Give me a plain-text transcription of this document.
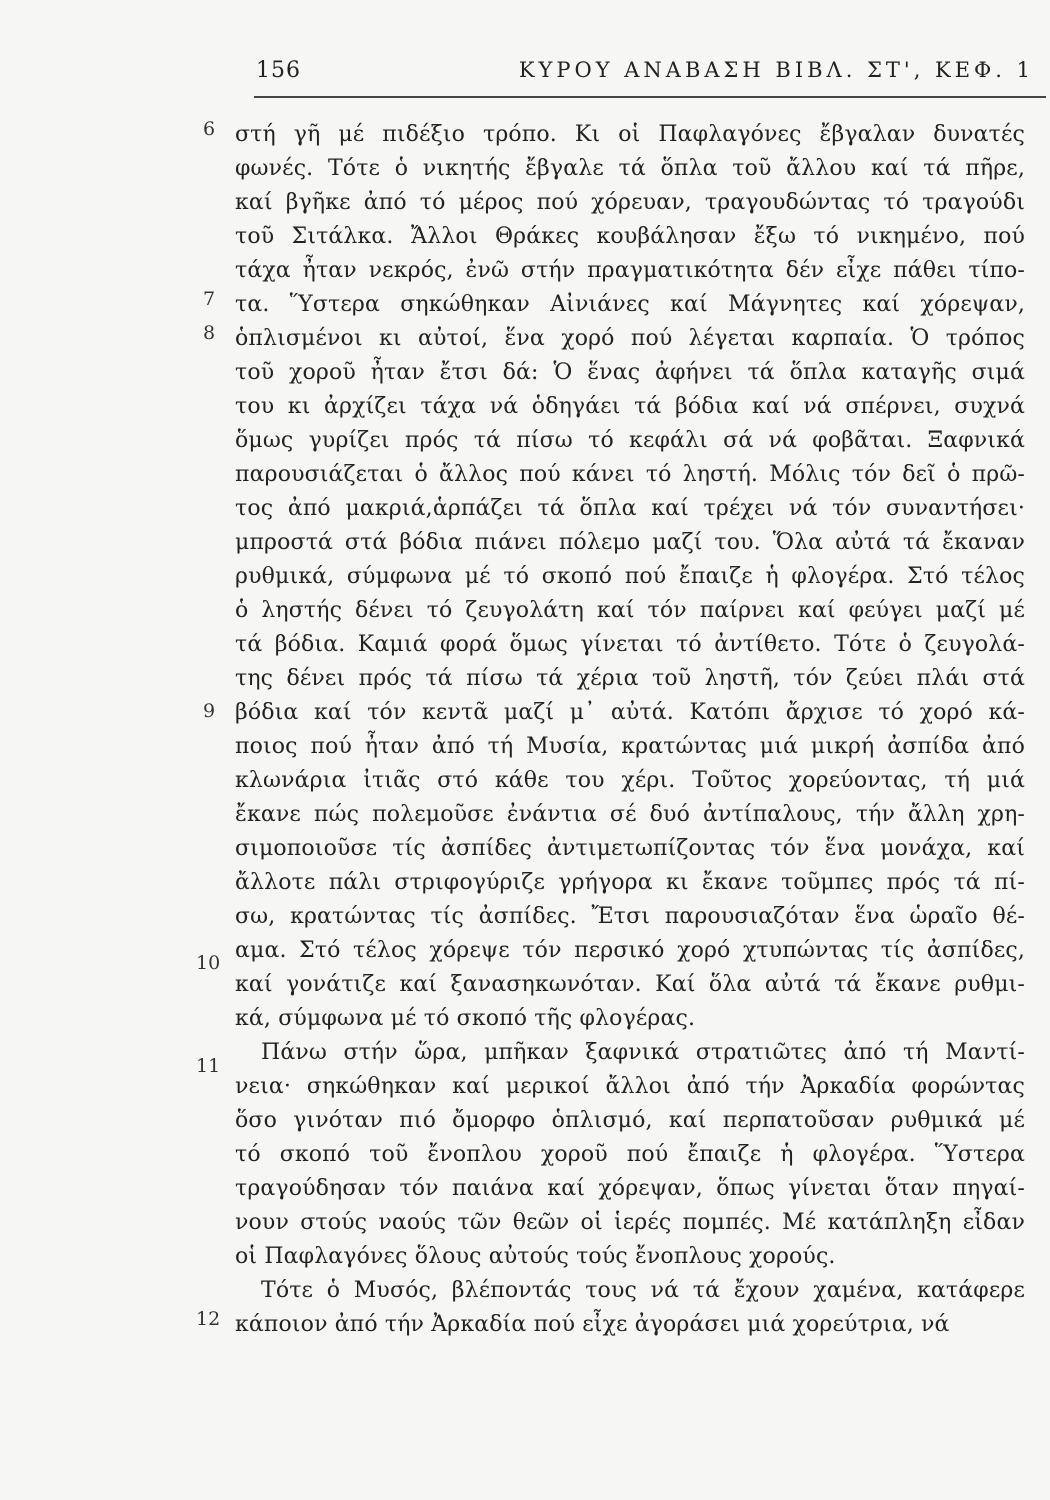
156	ΚΥΡΟΥ ΑΝΑΒΑΣΗ ΒΙΒΛ. ΣΤ', ΚΕΦ. 1
6
7
8
9
10
11
12
στή γῆ μέ πιδέξιο τρόπο. Κι οἱ Παφλαγόνες ἔβγαλαν δυνατές
φωνές. Τότε ὁ νικητής ἔβγαλε τά ὅπλα τοῦ ἄλλου καί τά πῆρε,
καί βγῆκε ἀπό τό μέρος πού χόρευαν, τραγουδώντας τό τραγούδι
τοῦ Σιτάλκα. Ἄλλοι Θράκες κουβάλησαν ἔξω τό νικημένο, πού
τάχα ἦταν νεκρός, ἐνῶ στήν πραγματικότητα δέν εἶχε πάθει τίπο-
τα. Ὕστερα σηκώθηκαν Αἰνιάνες καί Μάγνητες καί χόρεψαν,
ὁπλισμένοι κι αὐτοί, ἕνα χορό πού λέγεται καρπαία. Ὁ τρόπος
τοῦ χοροῦ ἦταν ἔτσι δά: Ὁ ἕνας ἀφήνει τά ὅπλα καταγῆς σιμά
του κι ἀρχίζει τάχα νά ὁδηγάει τά βόδια καί νά σπέρνει, συχνά
ὅμως γυρίζει πρός τά πίσω τό κεφάλι σά νά φοβᾶται. Ξαφνικά
παρουσιάζεται ὁ ἄλλος πού κάνει τό ληστή. Μόλις τόν δεῖ ὁ πρῶ-
τος ἀπό μακριά,ἁρπάζει τά ὅπλα καί τρέχει νά τόν συναντήσει·
μπροστά στά βόδια πιάνει πόλεμο μαζί του. Ὅλα αὐτά τά ἔκαναν
ρυθμικά, σύμφωνα μέ τό σκοπό πού ἔπαιζε ἡ φλογέρα. Στό τέλος
ὁ ληστής δένει τό ζευγολάτη καί τόν παίρνει καί φεύγει μαζί μέ
τά βόδια. Καμιά φορά ὅμως γίνεται τό ἀντίθετο. Τότε ὁ ζευγολά-
της δένει πρός τά πίσω τά χέρια τοῦ ληστῆ, τόν ζεύει πλάι στά
βόδια καί τόν κεντᾶ μαζί μ᾿ αὐτά. Κατόπι ἄρχισε τό χορό κά-
ποιος πού ἦταν ἀπό τή Μυσία, κρατώντας μιά μικρή ἀσπίδα ἀπό
κλωνάρια ἰτιᾶς στό κάθε του χέρι. Τοῦτος χορεύοντας, τή μιά
ἔκανε πώς πολεμοῦσε ἐνάντια σέ δυό ἀντίπαλους, τήν ἄλλη χρη-
σιμοποιοῦσε τίς ἀσπίδες ἀντιμετωπίζοντας τόν ἕνα μονάχα, καί
ἄλλοτε πάλι στριφογύριζε γρήγορα κι ἔκανε τοῦμπες πρός τά πί-
σω, κρατώντας τίς ἀσπίδες. Ἔτσι παρουσιαζόταν ἕνα ὡραῖο θέ-
αμα. Στό τέλος χόρεψε τόν περσικό χορό χτυπώντας τίς ἀσπίδες,
καί γονάτιζε καί ξανασηκωνόταν. Καί ὅλα αὐτά τά ἔκανε ρυθμι-
κά, σύμφωνα μέ τό σκοπό τῆς φλογέρας.
Πάνω στήν ὥρα, μπῆκαν ξαφνικά στρατιῶτες ἀπό τή Μαντί-
νεια· σηκώθηκαν καί μερικοί ἄλλοι ἀπό τήν Ἀρκαδία φορώντας
ὅσο γινόταν πιό ὄμορφο ὁπλισμό, καί περπατοῦσαν ρυθμικά μέ
τό σκοπό τοῦ ἔνοπλου χοροῦ πού ἔπαιζε ἡ φλογέρα. Ὕστερα
τραγούδησαν τόν παιάνα καί χόρεψαν, ὅπως γίνεται ὅταν πηγαί-
νουν στούς ναούς τῶν θεῶν οἱ ἱερές πομπές. Μέ κατάπληξη εἶδαν
οἱ Παφλαγόνες ὅλους αὐτούς τούς ἔνοπλους χορούς.
Τότε ὁ Μυσός, βλέποντάς τους νά τά ἔχουν χαμένα, κατάφερε
κάποιον ἀπό τήν Ἀρκαδία πού εἶχε ἀγοράσει μιά χορεύτρια, νά
